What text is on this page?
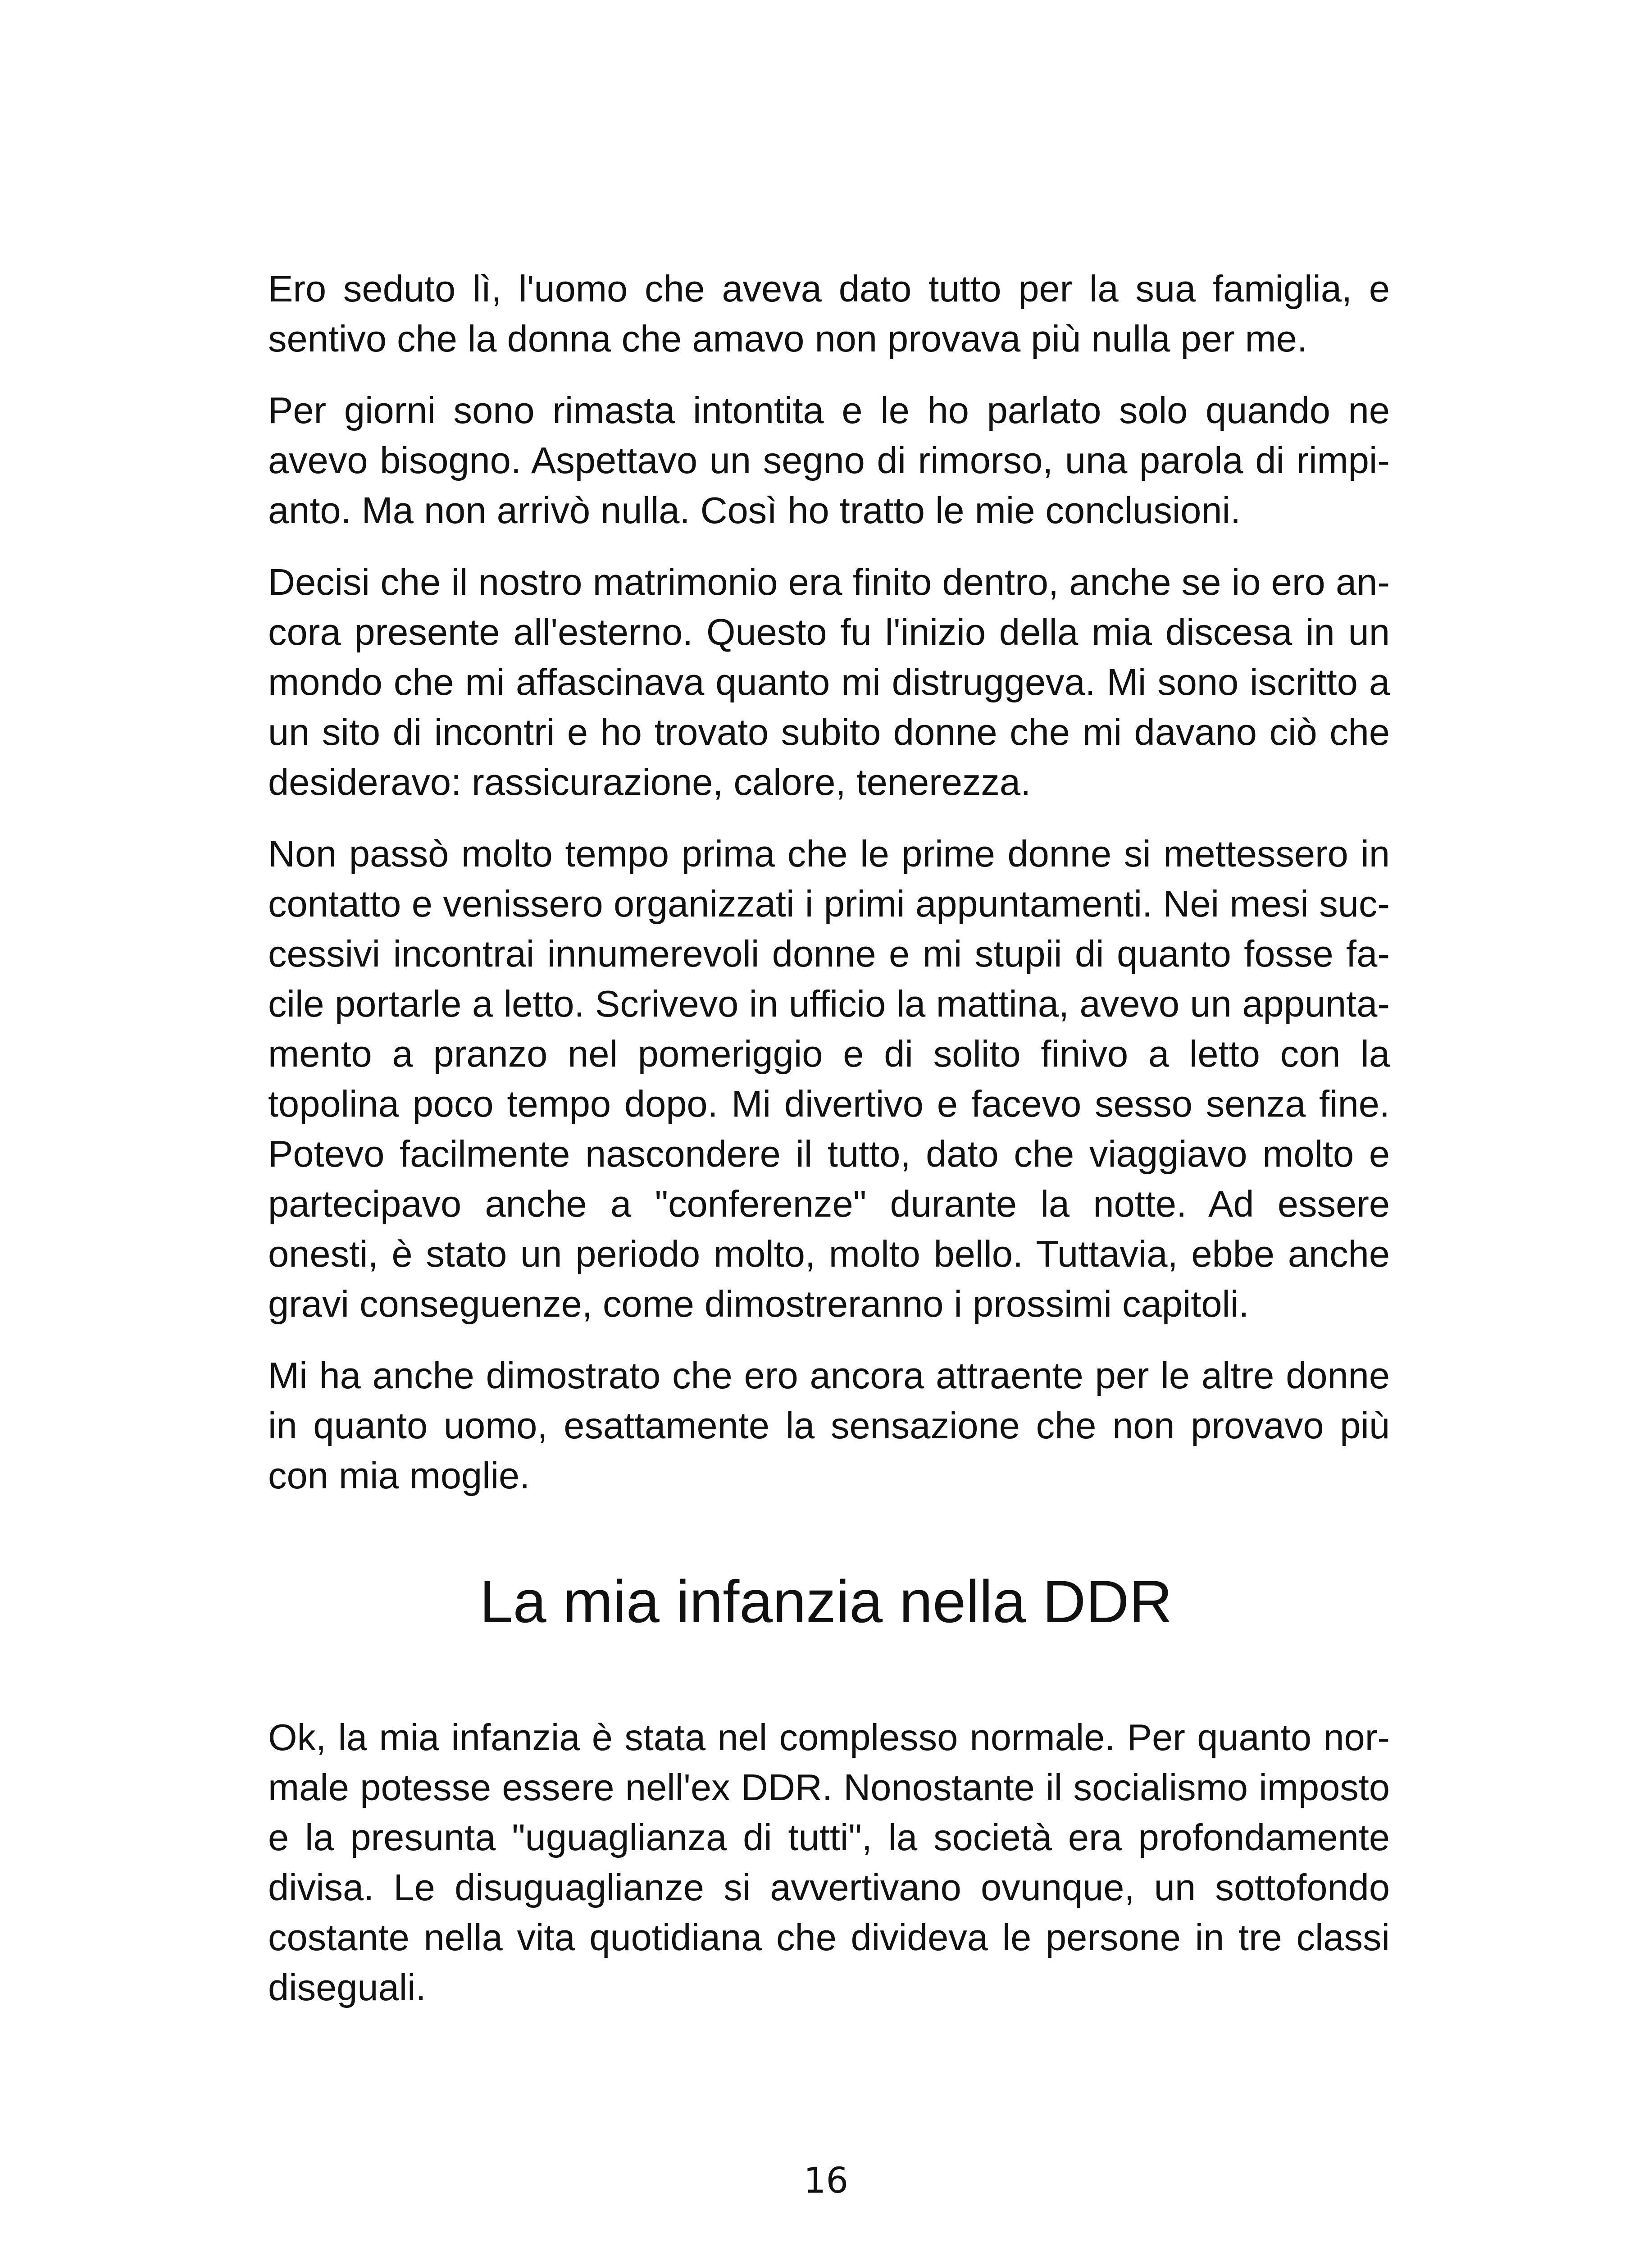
Ero seduto lì, l'uomo che aveva dato tutto per la sua famiglia, e sentivo che la donna che amavo non provava più nulla per me.

Per giorni sono rimasta intontita e le ho parlato solo quando ne avevo bisogno. Aspettavo un segno di rimorso, una parola di rimpianto. Ma non arrivò nulla. Così ho tratto le mie conclusioni.

Decisi che il nostro matrimonio era finito dentro, anche se io ero ancora presente all'esterno. Questo fu l'inizio della mia discesa in un mondo che mi affascinava quanto mi distruggeva. Mi sono iscritto a un sito di incontri e ho trovato subito donne che mi davano ciò che desideravo: rassicurazione, calore, tenerezza.

Non passò molto tempo prima che le prime donne si mettessero in contatto e venissero organizzati i primi appuntamenti. Nei mesi successivi incontrai innumerevoli donne e mi stupii di quanto fosse facile portarle a letto. Scrivevo in ufficio la mattina, avevo un appuntamento a pranzo nel pomeriggio e di solito finivo a letto con la topolina poco tempo dopo. Mi divertivo e facevo sesso senza fine. Potevo facilmente nascondere il tutto, dato che viaggiavo molto e partecipavo anche a "conferenze" durante la notte. Ad essere onesti, è stato un periodo molto, molto bello. Tuttavia, ebbe anche gravi conseguenze, come dimostreranno i prossimi capitoli.

Mi ha anche dimostrato che ero ancora attraente per le altre donne in quanto uomo, esattamente la sensazione che non provavo più con mia moglie.

La mia infanzia nella DDR

Ok, la mia infanzia è stata nel complesso normale. Per quanto normale potesse essere nell'ex DDR. Nonostante il socialismo imposto e la presunta "uguaglianza di tutti", la società era profondamente divisa. Le disuguaglianze si avvertivano ovunque, un sottofondo costante nella vita quotidiana che divideva le persone in tre classi diseguali.

16
